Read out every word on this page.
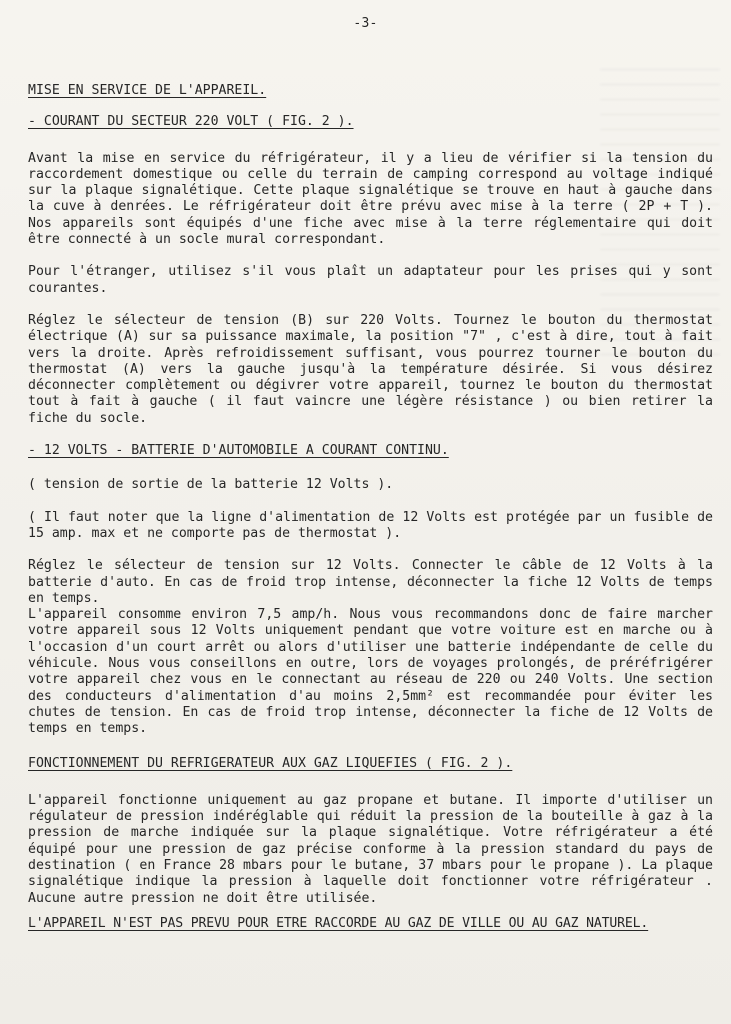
-3-
MISE EN SERVICE DE L'APPAREIL.
- COURANT DU SECTEUR 220 VOLT ( FIG. 2 ).

Avant la mise en service du réfrigérateur, il y a lieu de vérifier si la tension du raccordement domestique ou celle du terrain de camping correspond au voltage indiqué sur la plaque signalétique. Cette plaque signalétique se trouve en haut à gauche dans la cuve à denrées. Le réfrigérateur doit être prévu avec mise à la terre ( 2P + T ). Nos appareils sont équipés d'une fiche avec mise à la terre réglementaire qui doit être connecté à un socle mural correspondant.

Pour l'étranger, utilisez s'il vous plaît un adaptateur pour les prises qui y sont courantes.

Réglez le sélecteur de tension (B) sur 220 Volts. Tournez le bouton du thermostat électrique (A) sur sa puissance maximale, la position "7" , c'est à dire, tout à fait vers la droite. Après refroidissement suffisant, vous pourrez tourner le bouton du thermostat (A) vers la gauche jusqu'à la température désirée. Si vous désirez déconnecter complètement ou dégivrer votre appareil, tournez le bouton du thermostat tout à fait à gauche ( il faut vaincre une légère résistance ) ou bien retirer la fiche du socle.

- 12 VOLTS - BATTERIE D'AUTOMOBILE A COURANT CONTINU.

( tension de sortie de la batterie 12 Volts ).

( Il faut noter que la ligne d'alimentation de 12 Volts est protégée par un fusible de 15 amp. max et ne comporte pas de thermostat ).

Réglez le sélecteur de tension sur 12 Volts. Connecter le câble de 12 Volts à la batterie d'auto. En cas de froid trop intense, déconnecter la fiche 12 Volts de temps en temps.

L'appareil consomme environ 7,5 amp/h. Nous vous recommandons donc de faire marcher votre appareil sous 12 Volts uniquement pendant que votre voiture est en marche ou à l'occasion d'un court arrêt ou alors d'utiliser une batterie indépendante de celle du véhicule. Nous vous conseillons en outre, lors de voyages prolongés, de préréfrigérer votre appareil chez vous en le connectant au réseau de 220 ou 240 Volts. Une section des conducteurs d'alimentation d'au moins 2,5mm² est recommandée pour éviter les chutes de tension. En cas de froid trop intense, déconnecter la fiche de 12 Volts de temps en temps.

FONCTIONNEMENT DU REFRIGERATEUR AUX GAZ LIQUEFIES ( FIG. 2 ).

L'appareil fonctionne uniquement au gaz propane et butane. Il importe d'utiliser un régulateur de pression indéréglable qui réduit la pression de la bouteille à gaz à la pression de marche indiquée sur la plaque signalétique. Votre réfrigérateur a été équipé pour une pression de gaz précise conforme à la pression standard du pays de destination ( en France 28 mbars pour le butane, 37 mbars pour le propane ). La plaque signalétique indique la pression à laquelle doit fonctionner votre réfrigérateur . Aucune autre pression ne doit être utilisée.

L'APPAREIL N'EST PAS PREVU POUR ETRE RACCORDE AU GAZ DE VILLE OU AU GAZ NATUREL.
